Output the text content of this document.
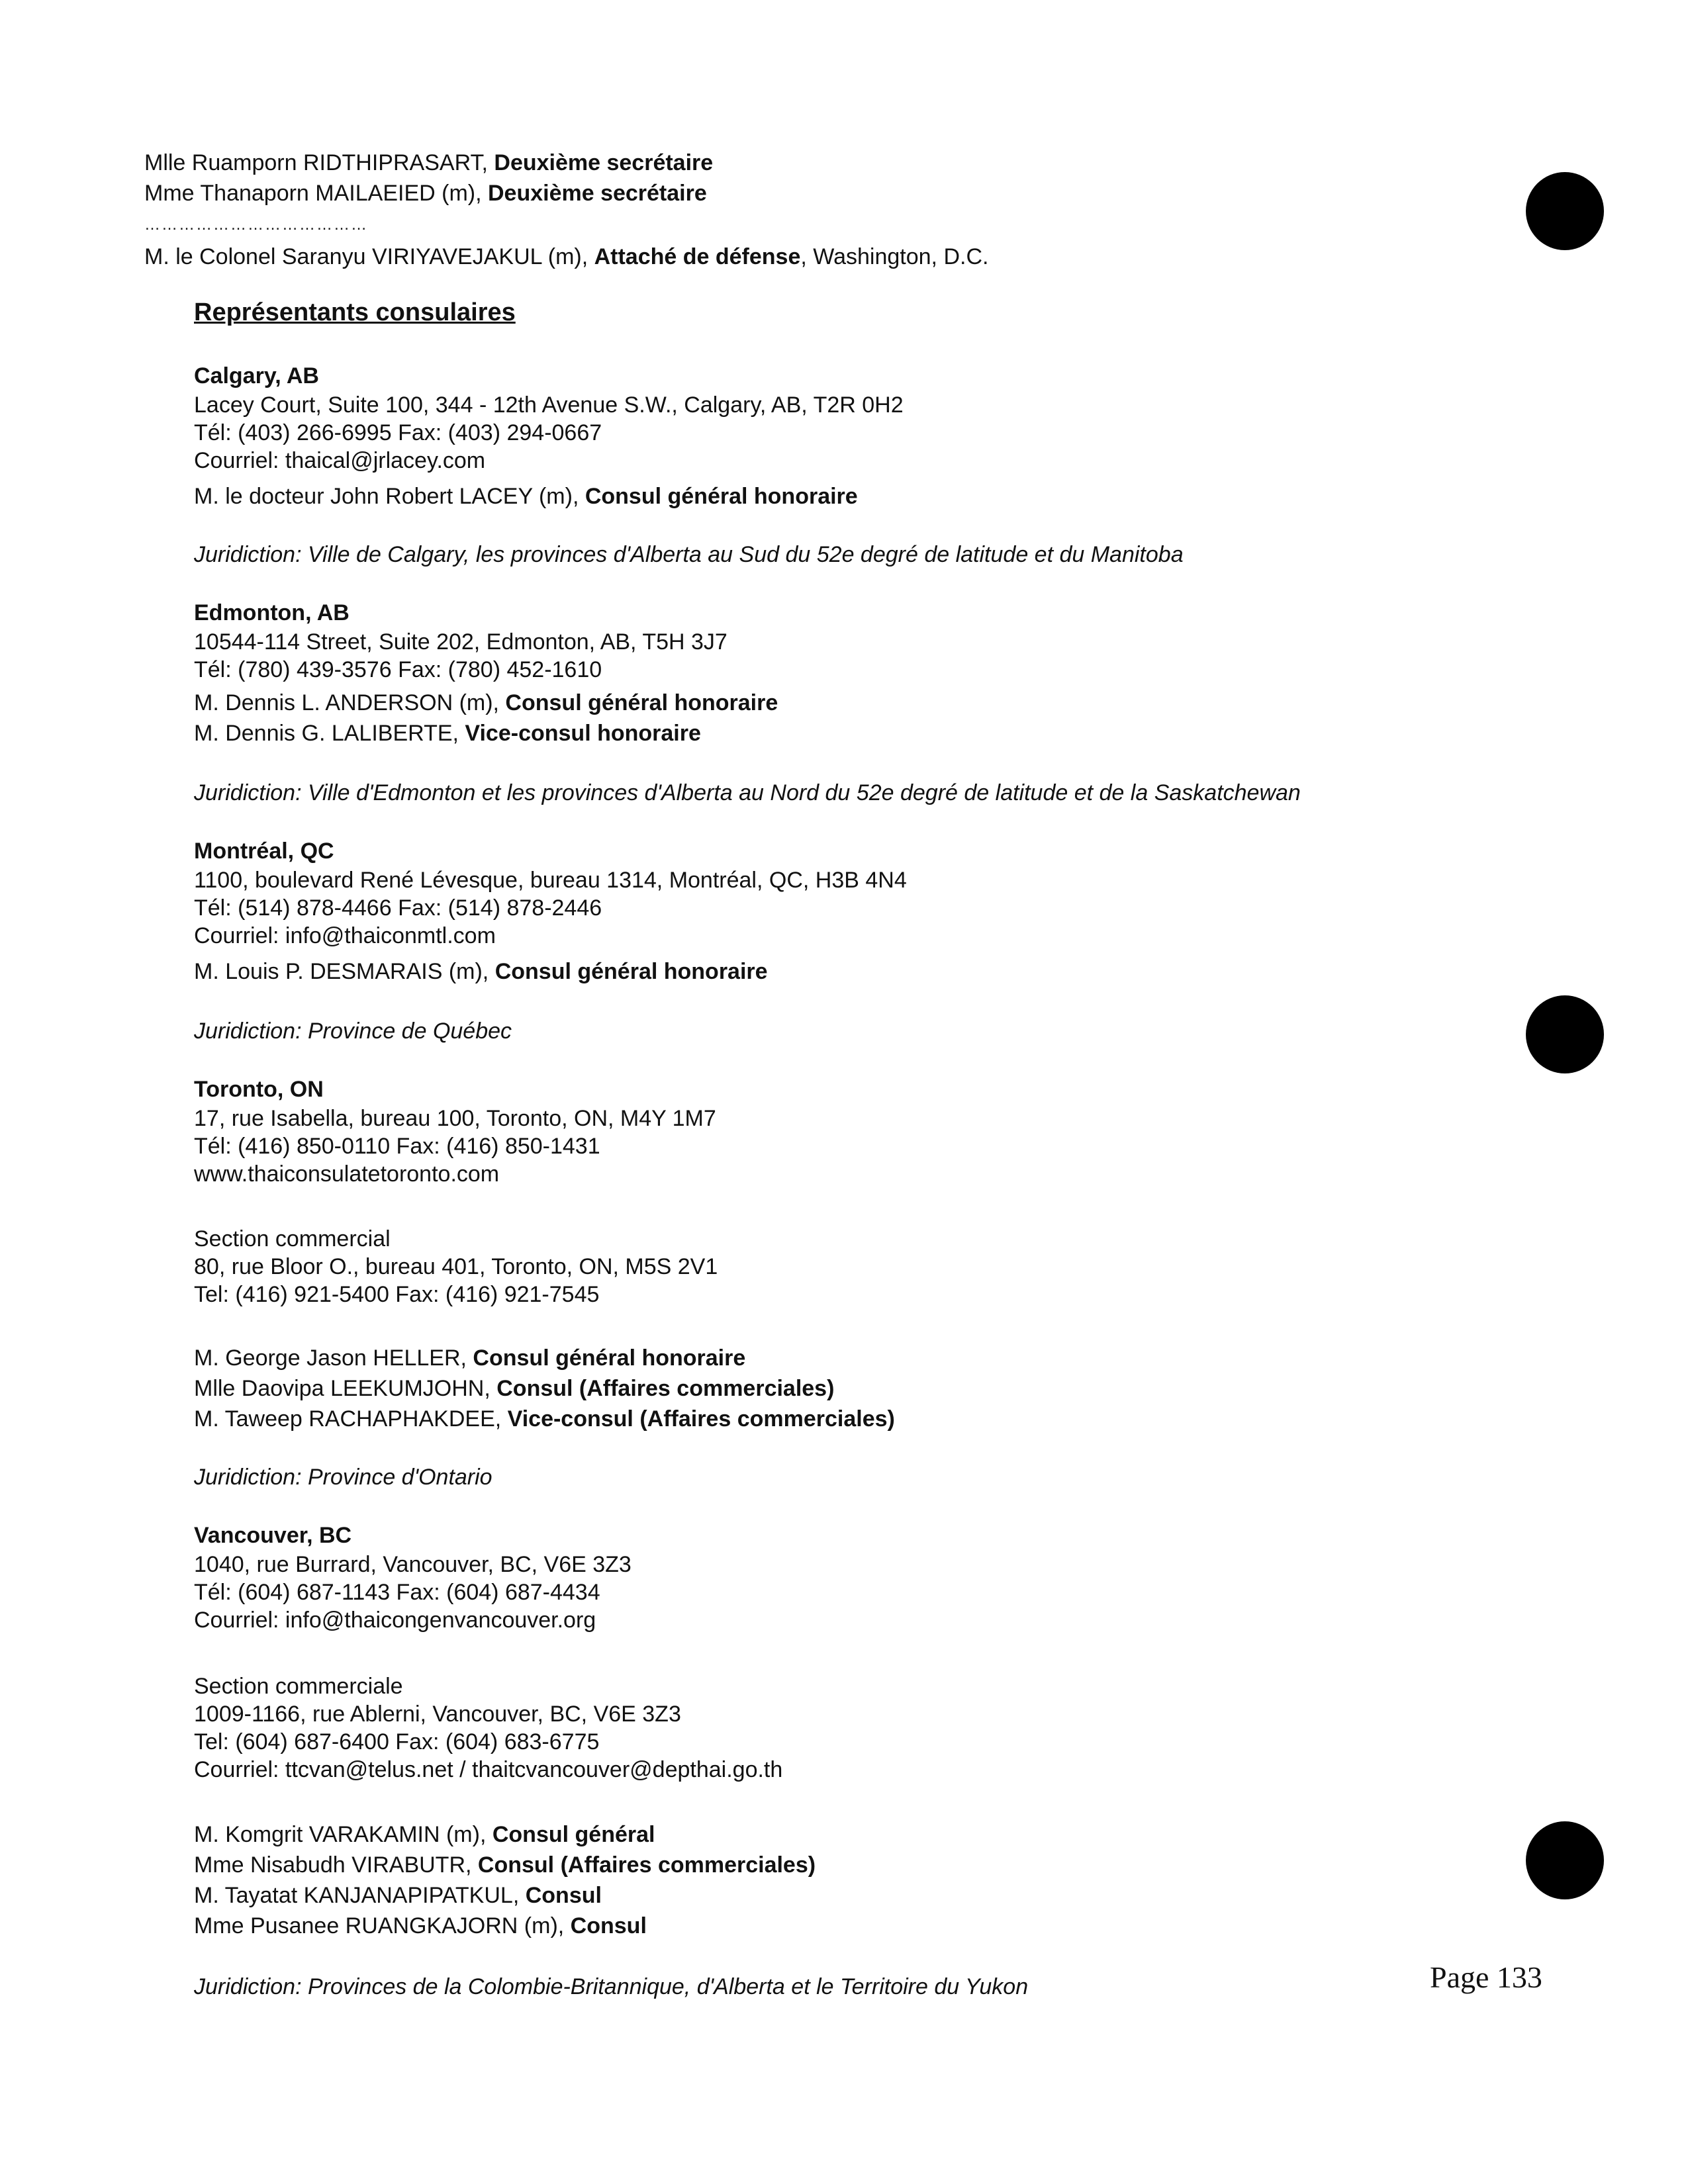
Mlle Ruamporn RIDTHIPRASART, Deuxième secrétaire
Mme Thanaporn MAILAEIED (m), Deuxième secrétaire
…………………………………
M. le Colonel Saranyu VIRIYAVEJAKUL (m), Attaché de défense, Washington, D.C.
Représentants consulaires
Calgary, AB
Lacey Court, Suite 100, 344 - 12th Avenue S.W., Calgary, AB, T2R 0H2
Tél: (403) 266-6995 Fax: (403) 294-0667
Courriel: thaical@jrlacey.com
M. le docteur John Robert LACEY (m), Consul général honoraire
Juridiction: Ville de Calgary, les provinces d'Alberta au Sud du 52e degré de latitude et du Manitoba
Edmonton, AB
10544-114 Street, Suite 202, Edmonton, AB, T5H 3J7
Tél: (780) 439-3576 Fax: (780) 452-1610
M. Dennis L. ANDERSON (m), Consul général honoraire
M. Dennis G. LALIBERTE, Vice-consul honoraire
Juridiction: Ville d'Edmonton et les provinces d'Alberta au Nord du 52e degré de latitude et de la Saskatchewan
Montréal, QC
1100, boulevard René Lévesque, bureau 1314, Montréal, QC, H3B 4N4
Tél: (514) 878-4466 Fax: (514) 878-2446
Courriel: info@thaiconmtl.com
M. Louis P. DESMARAIS (m), Consul général honoraire
Juridiction: Province de Québec
Toronto, ON
17, rue Isabella, bureau 100, Toronto, ON, M4Y 1M7
Tél: (416) 850-0110 Fax: (416) 850-1431
www.thaiconsulatetoronto.com
Section commercial
80, rue Bloor O., bureau 401, Toronto, ON, M5S 2V1
Tel: (416) 921-5400 Fax: (416) 921-7545
M. George Jason HELLER, Consul général honoraire
Mlle Daovipa LEEKUMJOHN, Consul (Affaires commerciales)
M. Taweep RACHAPHAKDEE, Vice-consul (Affaires commerciales)
Juridiction: Province d'Ontario
Vancouver, BC
1040, rue Burrard, Vancouver, BC, V6E 3Z3
Tél: (604) 687-1143 Fax: (604) 687-4434
Courriel: info@thaicongenvancouver.org
Section commerciale
1009-1166, rue Ablerni, Vancouver, BC, V6E 3Z3
Tel: (604) 687-6400 Fax: (604) 683-6775
Courriel: ttcvan@telus.net / thaitcvancouver@depthai.go.th
M. Komgrit VARAKAMIN (m), Consul général
Mme Nisabudh VIRABUTR, Consul (Affaires commerciales)
M. Tayatat KANJANAPIPATKUL, Consul
Mme Pusanee RUANGKAJORN (m), Consul
Juridiction: Provinces de la Colombie-Britannique, d'Alberta et le Territoire du Yukon	Page 133
